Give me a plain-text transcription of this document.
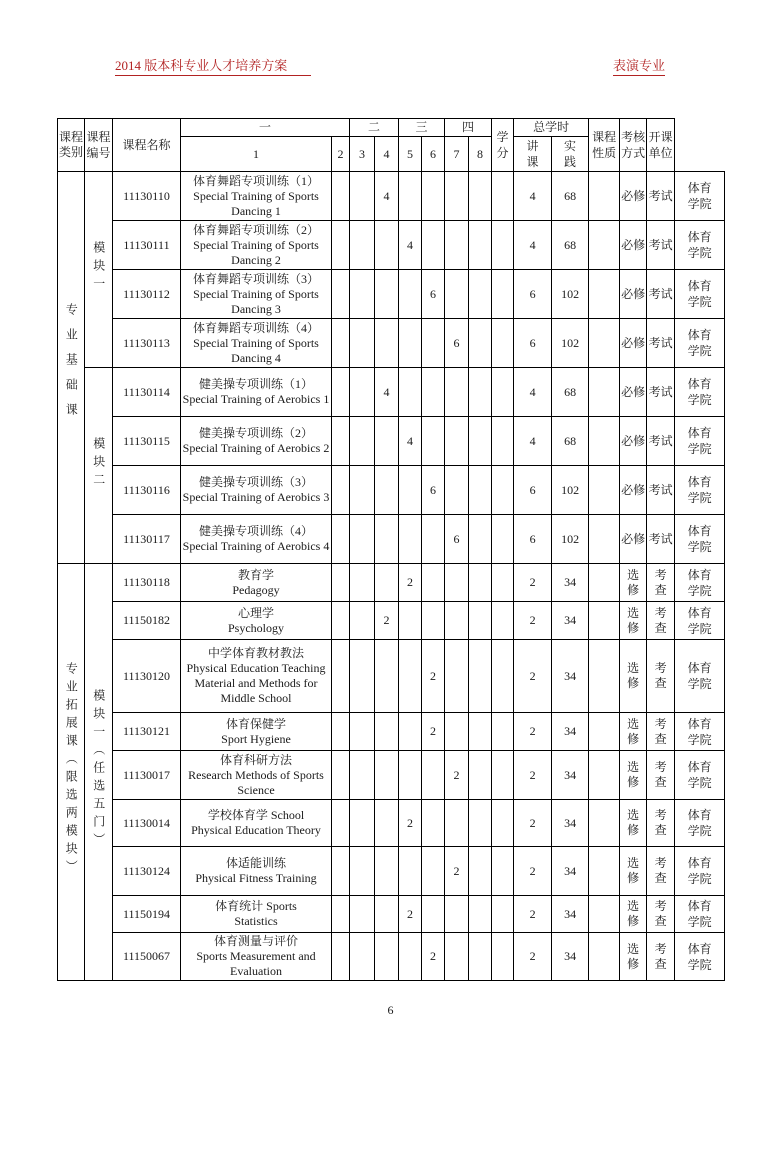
2014 版本科专业人才培养方案	表演专业
课程类别	课程编号	课程名称	一		二		三		四		学分	总学时		课程性质	考核方式	开课单位	
												讲课	实践				
			1	2	3	4	5	6	7	8							
专业基础课	模块一	11130110	体育舞蹈专项训练（1）
Special Training of Sports Dancing 1			4						4	68		必修	考试	体育学院
		11130111	体育舞蹈专项训练（2）
Special Training of Sports Dancing 2				4					4	68		必修	考试	体育学院
		11130112	体育舞蹈专项训练（3）
Special Training of Sports Dancing 3					6				6	102		必修	考试	体育学院
		11130113	体育舞蹈专项训练（4）
Special Training of Sports Dancing 4						6			6	102		必修	考试	体育学院
	模块二	11130114	健美操专项训练（1）
Special Training of Aerobics 1			4						4	68		必修	考试	体育学院
		11130115	健美操专项训练（2）
Special Training of Aerobics 2				4					4	68		必修	考试	体育学院
		11130116	健美操专项训练（3）
Special Training of Aerobics 3					6				6	102		必修	考试	体育学院
		11130117	健美操专项训练（4）
Special Training of Aerobics 4						6			6	102		必修	考试	体育学院
专业拓展课（限选两模块）	模块一（任选五门）	11130118	教育学
Pedagogy				2					2	34		选修	考查	体育学院
		11150182	心理学
Psychology			2						2	34		选修	考查	体育学院
		11130120	中学体育教材教法
Physical Education Teaching Material and Methods for Middle School					2				2	34		选修	考查	体育学院
		11130121	体育保健学
Sport Hygiene					2				2	34		选修	考查	体育学院
		11130017	体育科研方法
Research Methods of Sports Science						2			2	34		选修	考查	体育学院
		11130014	学校体育学 School
Physical Education Theory				2					2	34		选修	考查	体育学院
		11130124	体适能训练
Physical Fitness Training						2			2	34		选修	考查	体育学院
		11150194	体育统计 Sports
Statistics				2					2	34		选修	考查	体育学院
		11150067	体育测量与评价
Sports Measurement and Evaluation					2				2	34		选修	考查	体育学院
6
